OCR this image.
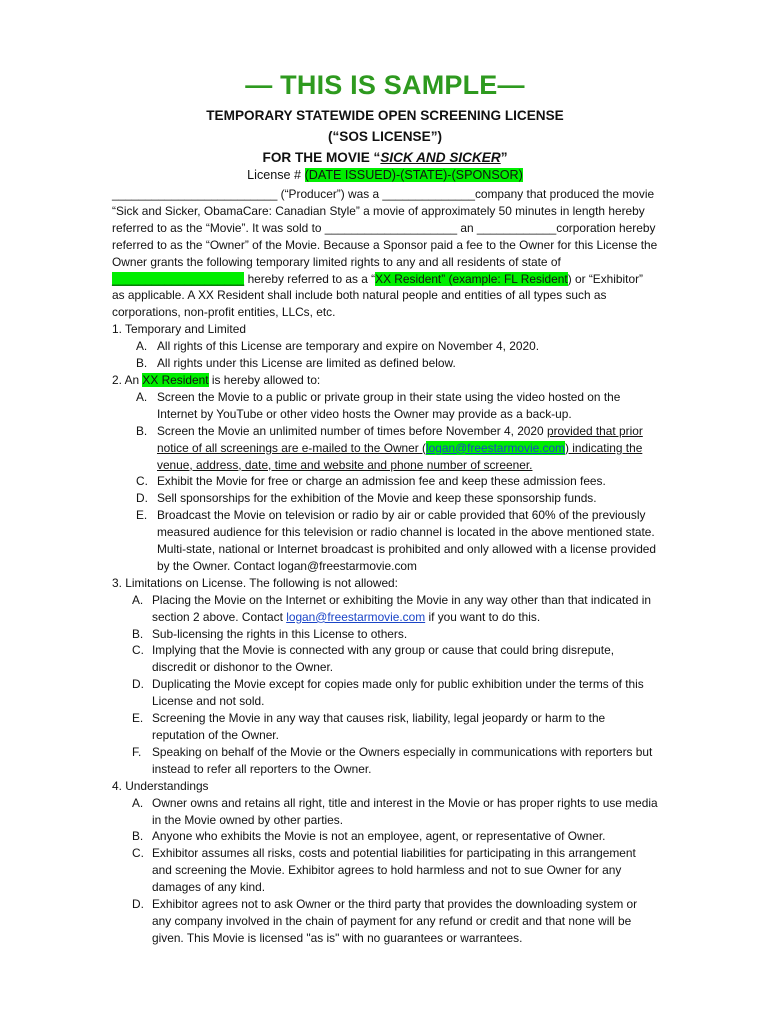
— THIS IS SAMPLE—
TEMPORARY STATEWIDE OPEN SCREENING LICENSE
(“SOS LICENSE”)
FOR THE MOVIE “SICK AND SICKER”
License # (DATE ISSUED)-(STATE)-(SPONSOR)

_________________________ (“Producer”) was a ______________company that produced the movie “Sick and Sicker, ObamaCare: Canadian Style” a movie of approximately 50 minutes in length hereby referred to as the “Movie”. It was sold to ____________________ an ____________corporation hereby referred to as the “Owner” of the Movie. Because a Sponsor paid a fee to the Owner for this License the Owner grants the following temporary limited rights to any and all residents of state of ____________________ hereby referred to as a “XX Resident” (example: FL Resident) or “Exhibitor” as applicable. A XX Resident shall include both natural people and entities of all types such as corporations, non-profit entities, LLCs, etc.

1. Temporary and Limited
A. All rights of this License are temporary and expire on November 4, 2020.
B. All rights under this License are limited as defined below.
2. An XX Resident is hereby allowed to:
A. Screen the Movie to a public or private group in their state using the video hosted on the Internet by YouTube or other video hosts the Owner may provide as a back-up.
B. Screen the Movie an unlimited number of times before November 4, 2020 provided that prior notice of all screenings are e-mailed to the Owner (logan@freestarmovie.com) indicating the venue, address, date, time and website and phone number of screener.
C. Exhibit the Movie for free or charge an admission fee and keep these admission fees.
D. Sell sponsorships for the exhibition of the Movie and keep these sponsorship funds.
E. Broadcast the Movie on television or radio by air or cable provided that 60% of the previously measured audience for this television or radio channel is located in the above mentioned state. Multi-state, national or Internet broadcast is prohibited and only allowed with a license provided by the Owner. Contact logan@freestarmovie.com
3. Limitations on License. The following is not allowed:
A. Placing the Movie on the Internet or exhibiting the Movie in any way other than that indicated in section 2 above. Contact logan@freestarmovie.com if you want to do this.
B. Sub-licensing the rights in this License to others.
C. Implying that the Movie is connected with any group or cause that could bring disrepute, discredit or dishonor to the Owner.
D. Duplicating the Movie except for copies made only for public exhibition under the terms of this License and not sold.
E. Screening the Movie in any way that causes risk, liability, legal jeopardy or harm to the reputation of the Owner.
F. Speaking on behalf of the Movie or the Owners especially in communications with reporters but instead to refer all reporters to the Owner.
4. Understandings
A. Owner owns and retains all right, title and interest in the Movie or has proper rights to use media in the Movie owned by other parties.
B. Anyone who exhibits the Movie is not an employee, agent, or representative of Owner.
C. Exhibitor assumes all risks, costs and potential liabilities for participating in this arrangement and screening the Movie. Exhibitor agrees to hold harmless and not to sue Owner for any damages of any kind.
D. Exhibitor agrees not to ask Owner or the third party that provides the downloading system or any company involved in the chain of payment for any refund or credit and that none will be given. This Movie is licensed "as is" with no guarantees or warrantees.
